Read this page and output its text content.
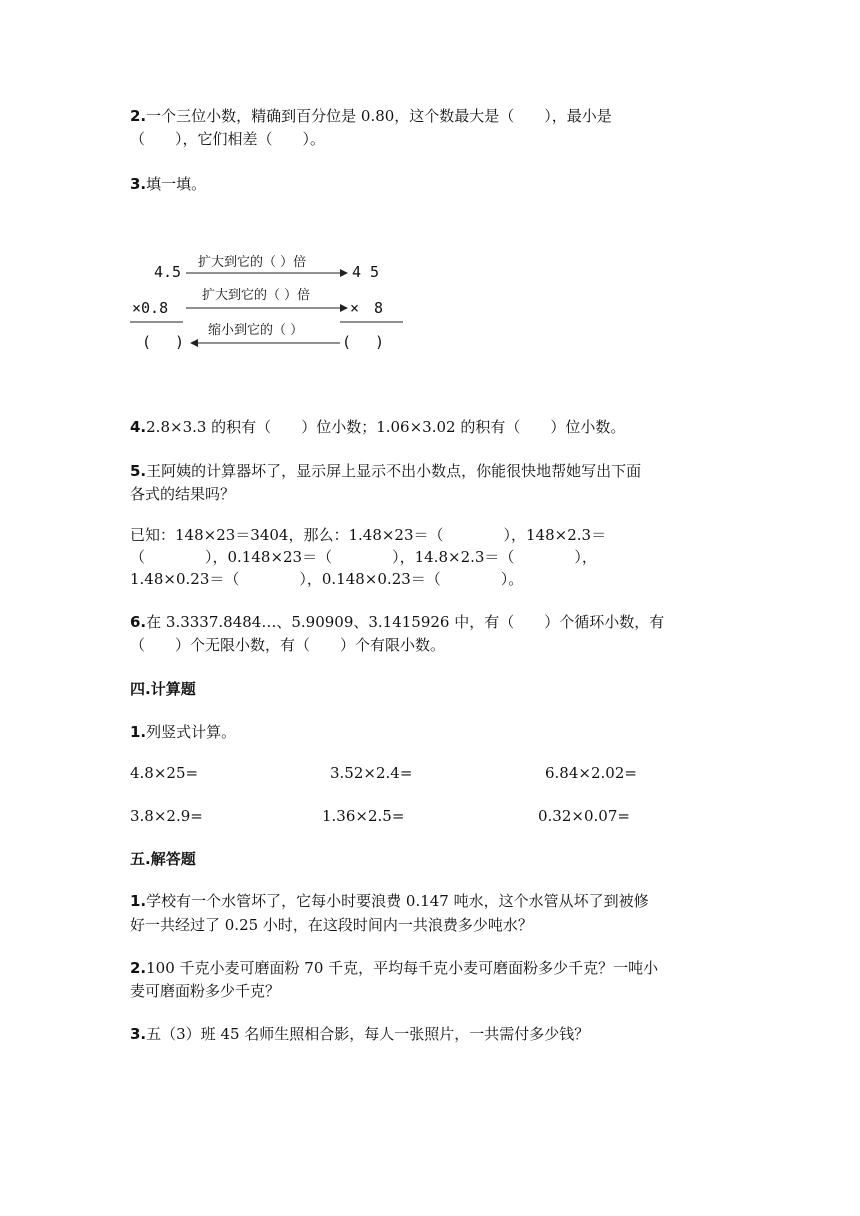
2.一个三位小数，精确到百分位是 0.80，这个数最大是（　　），最小是
（　　），它们相差（　　）。
3.填一填。
4.5
×0.8
(　 )
4 5
×　8
(　 )
扩大到它的（ ）倍
扩大到它的（ ）倍
缩小到它的（ ）
4.2.8×3.3 的积有（　　）位小数；1.06×3.02 的积有（　　）位小数。
5.王阿姨的计算器坏了，显示屏上显示不出小数点，你能很快地帮她写出下面
各式的结果吗？
已知：148×23＝3404，那么：1.48×23＝（　　　　），148×2.3＝
（　　　　），0.148×23＝（　　　　），14.8×2.3＝（　　　　），
1.48×0.23＝（　　　　），0.148×0.23＝（　　　　）。
6.在 3.3337.8484…、5.90909、3.1415926 中，有（　　）个循环小数，有
（　　）个无限小数，有（　　）个有限小数。
四.计算题
1.列竖式计算。
4.8×25=	3.52×2.4=	6.84×2.02=
3.8×2.9=	1.36×2.5=	0.32×0.07=
五.解答题
1.学校有一个水管坏了，它每小时要浪费 0.147 吨水，这个水管从坏了到被修
好一共经过了 0.25 小时，在这段时间内一共浪费多少吨水？
2.100 千克小麦可磨面粉 70 千克，平均每千克小麦可磨面粉多少千克？一吨小
麦可磨面粉多少千克？
3.五（3）班 45 名师生照相合影，每人一张照片，一共需付多少钱？
